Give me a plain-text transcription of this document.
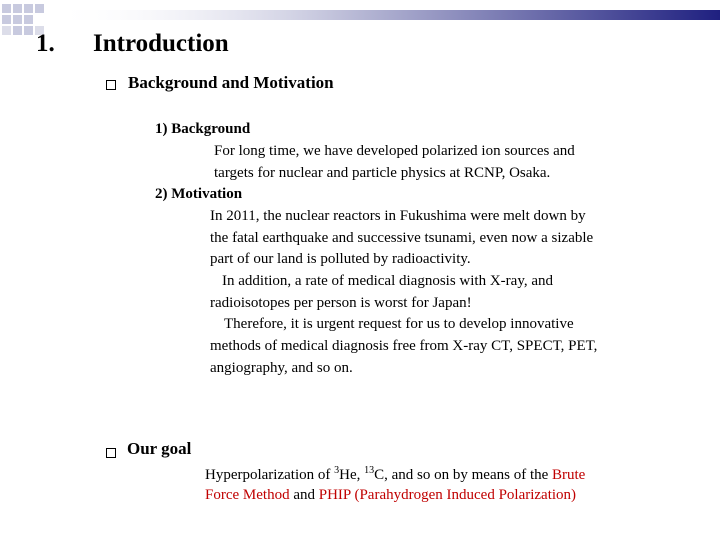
1. Introduction
Background and Motivation
1) Background
For long time, we have developed polarized ion sources and
targets for nuclear and particle physics at RCNP, Osaka.
2) Motivation
In 2011, the nuclear reactors in Fukushima were melt down by
the fatal earthquake and successive tsunami, even now a sizable
part of our land is polluted by radioactivity.
In addition, a rate of medical diagnosis with X-ray, and
radioisotopes per person is worst for Japan!
Therefore, it is urgent request for us to develop innovative
methods of medical diagnosis free from X-ray CT, SPECT, PET,
angiography, and so on.
Our goal
Hyperpolarization of $^3$He, $^{13}$C, and so on by means of the Brute
Force Method and PHIP (Parahydrogen Induced Polarization)
